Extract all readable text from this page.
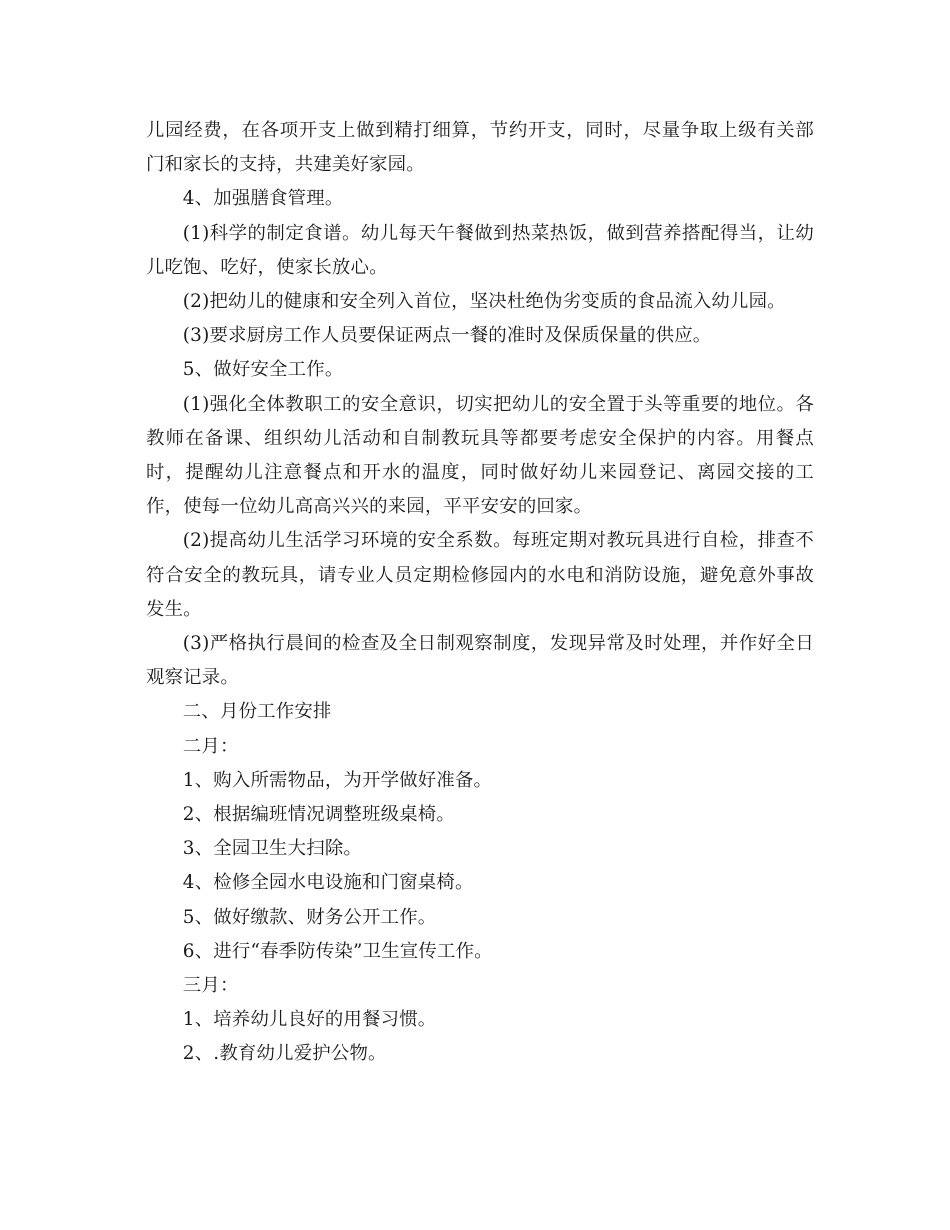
儿园经费，在各项开支上做到精打细算，节约开支，同时，尽量争取上级有关部门和家长的支持，共建美好家园。

4、加强膳食管理。

(1)科学的制定食谱。幼儿每天午餐做到热菜热饭，做到营养搭配得当，让幼儿吃饱、吃好，使家长放心。

(2)把幼儿的健康和安全列入首位，坚决杜绝伪劣变质的食品流入幼儿园。

(3)要求厨房工作人员要保证两点一餐的准时及保质保量的供应。

5、做好安全工作。

(1)强化全体教职工的安全意识，切实把幼儿的安全置于头等重要的地位。各教师在备课、组织幼儿活动和自制教玩具等都要考虑安全保护的内容。用餐点时，提醒幼儿注意餐点和开水的温度，同时做好幼儿来园登记、离园交接的工作，使每一位幼儿高高兴兴的来园，平平安安的回家。

(2)提高幼儿生活学习环境的安全系数。每班定期对教玩具进行自检，排查不符合安全的教玩具，请专业人员定期检修园内的水电和消防设施，避免意外事故发生。

(3)严格执行晨间的检查及全日制观察制度，发现异常及时处理，并作好全日观察记录。

二、月份工作安排

二月：

1、购入所需物品，为开学做好准备。

2、根据编班情况调整班级桌椅。

3、全园卫生大扫除。

4、检修全园水电设施和门窗桌椅。

5、做好缴款、财务公开工作。

6、进行“春季防传染”卫生宣传工作。

三月：

1、培养幼儿良好的用餐习惯。

2、.教育幼儿爱护公物。
